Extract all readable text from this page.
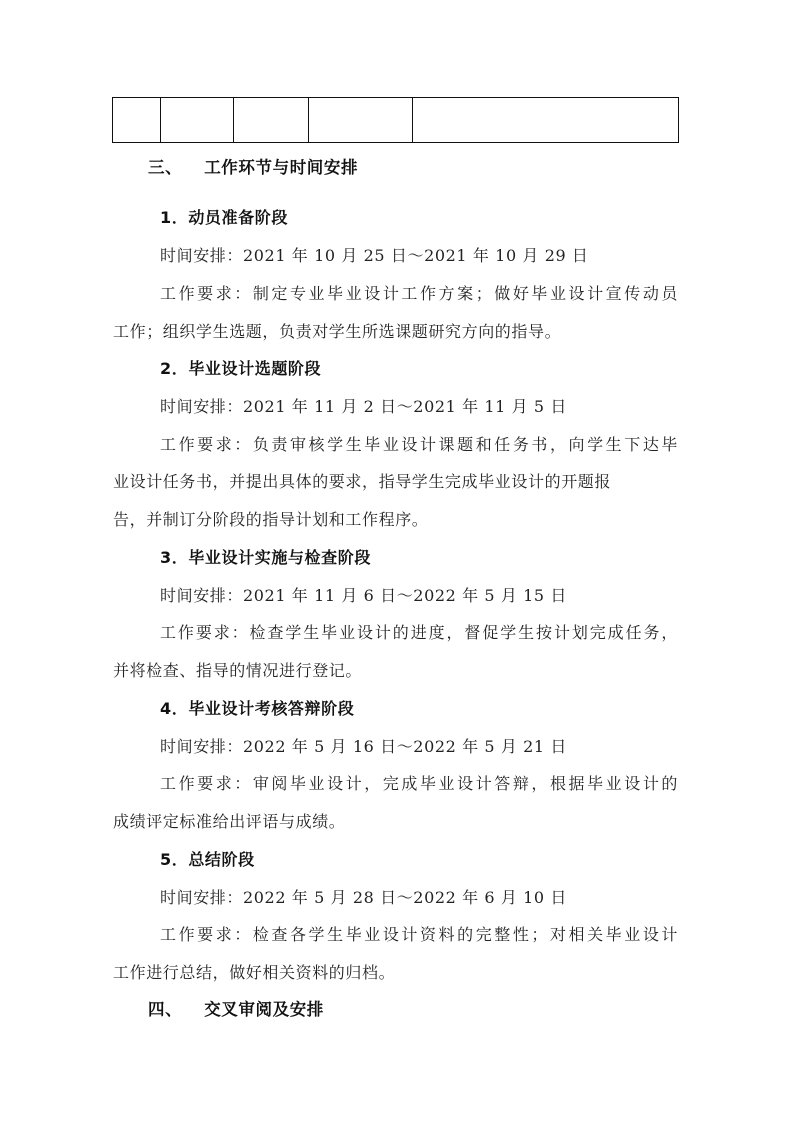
三、 工作环节与时间安排
1．动员准备阶段
时间安排：2021 年 10 月 25 日～2021 年 10 月 29 日
工作要求：制定专业毕业设计工作方案；做好毕业设计宣传动员
工作；组织学生选题，负责对学生所选课题研究方向的指导。
2．毕业设计选题阶段
时间安排：2021 年 11 月 2 日～2021 年 11 月 5 日
工作要求：负责审核学生毕业设计课题和任务书，向学生下达毕
业设计任务书，并提出具体的要求，指导学生完成毕业设计的开题报
告，并制订分阶段的指导计划和工作程序。
3．毕业设计实施与检查阶段
时间安排：2021 年 11 月 6 日～2022 年 5 月 15 日
工作要求：检查学生毕业设计的进度，督促学生按计划完成任务，
并将检查、指导的情况进行登记。
4．毕业设计考核答辩阶段
时间安排：2022 年 5 月 16 日～2022 年 5 月 21 日
工作要求：审阅毕业设计，完成毕业设计答辩，根据毕业设计的
成绩评定标准给出评语与成绩。
5．总结阶段
时间安排：2022 年 5 月 28 日～2022 年 6 月 10 日
工作要求：检查各学生毕业设计资料的完整性；对相关毕业设计
工作进行总结，做好相关资料的归档。
四、 交叉审阅及安排
